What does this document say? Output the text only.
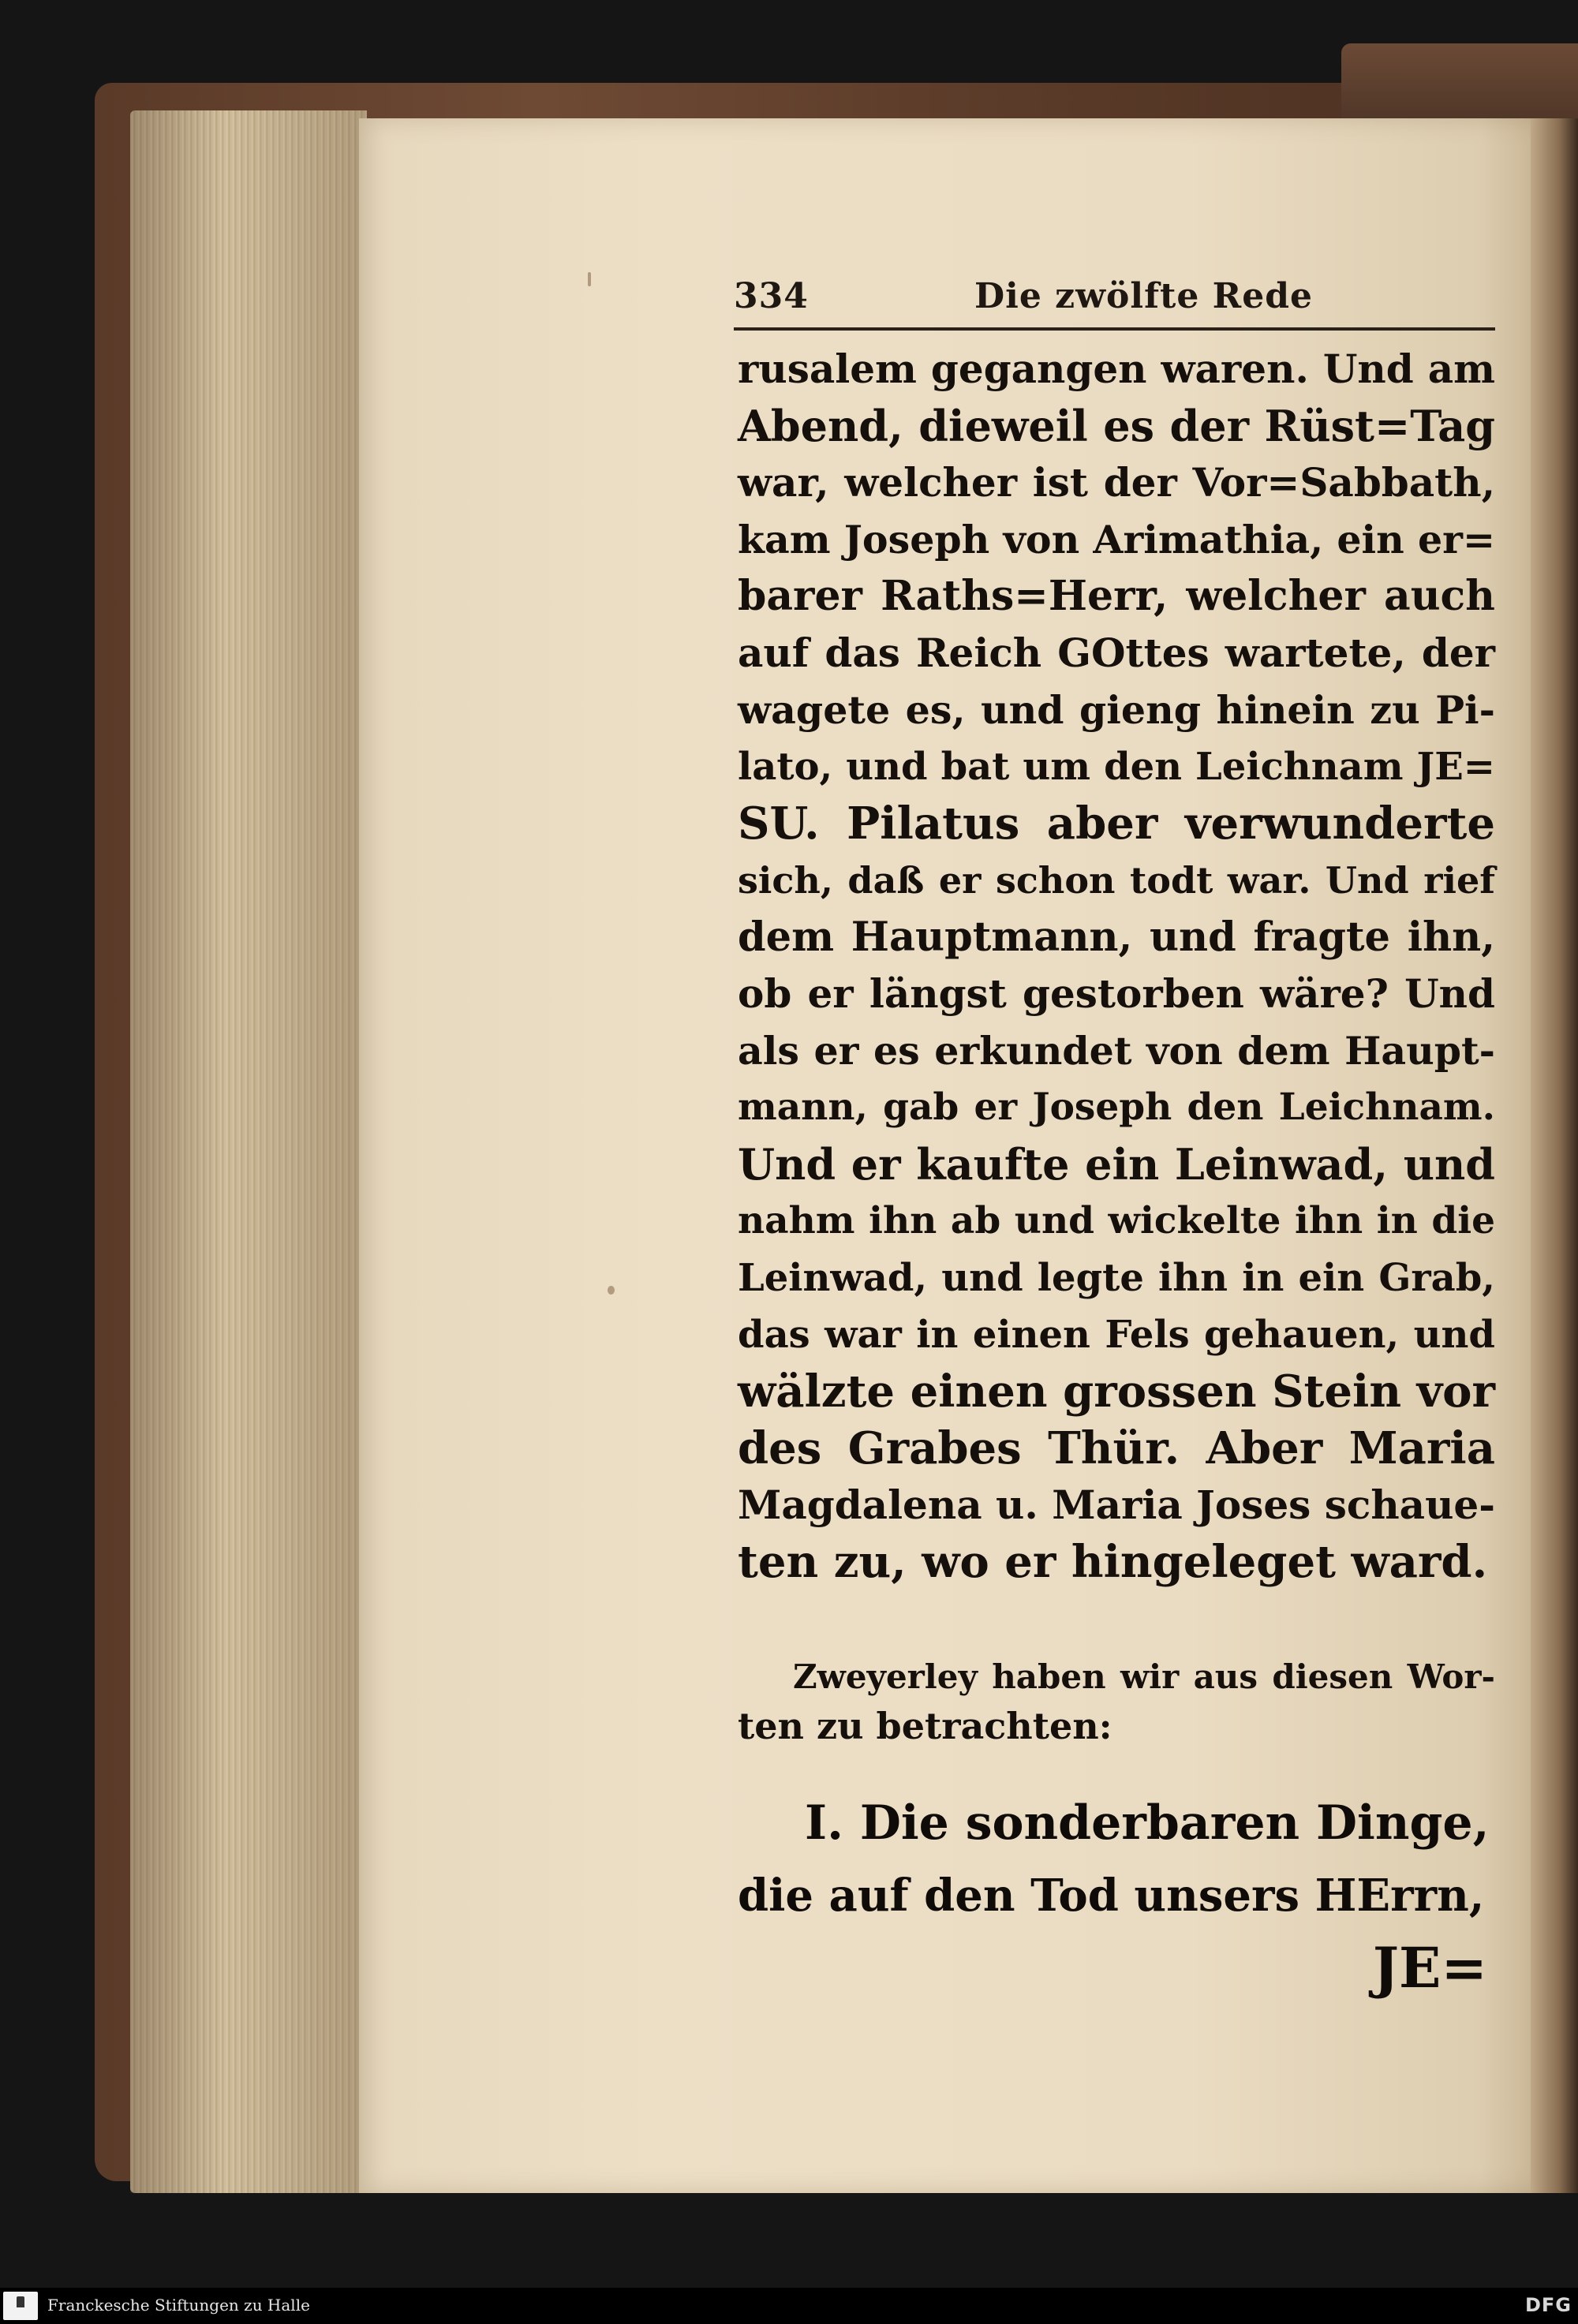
334	Die zwölfte Rede
rusalem gegangen waren. Und am
Abend, dieweil es der Rüst=Tag
war, welcher ist der Vor=Sabbath,
kam Joseph von Arimathia, ein er=
barer Raths=Herr, welcher auch
auf das Reich GOttes wartete, der
wagete es, und gieng hinein zu Pi-
lato, und bat um den Leichnam JE=
SU. Pilatus aber verwunderte
sich, daß er schon todt war. Und rief
dem Hauptmann, und fragte ihn,
ob er längst gestorben wäre? Und
als er es erkundet von dem Haupt-
mann, gab er Joseph den Leichnam.
Und er kaufte ein Leinwad, und
nahm ihn ab und wickelte ihn in die
Leinwad, und legte ihn in ein Grab,
das war in einen Fels gehauen, und
wälzte einen grossen Stein vor
des Grabes Thür. Aber Maria
Magdalena u. Maria Joses schaue-
ten zu, wo er hingeleget ward.
Zweyerley haben wir aus diesen Wor-
ten zu betrachten:
I. Die sonderbaren Dinge,
die auf den Tod unsers HErrn,
JE=
Franckesche Stiftungen zu Halle	DFG
